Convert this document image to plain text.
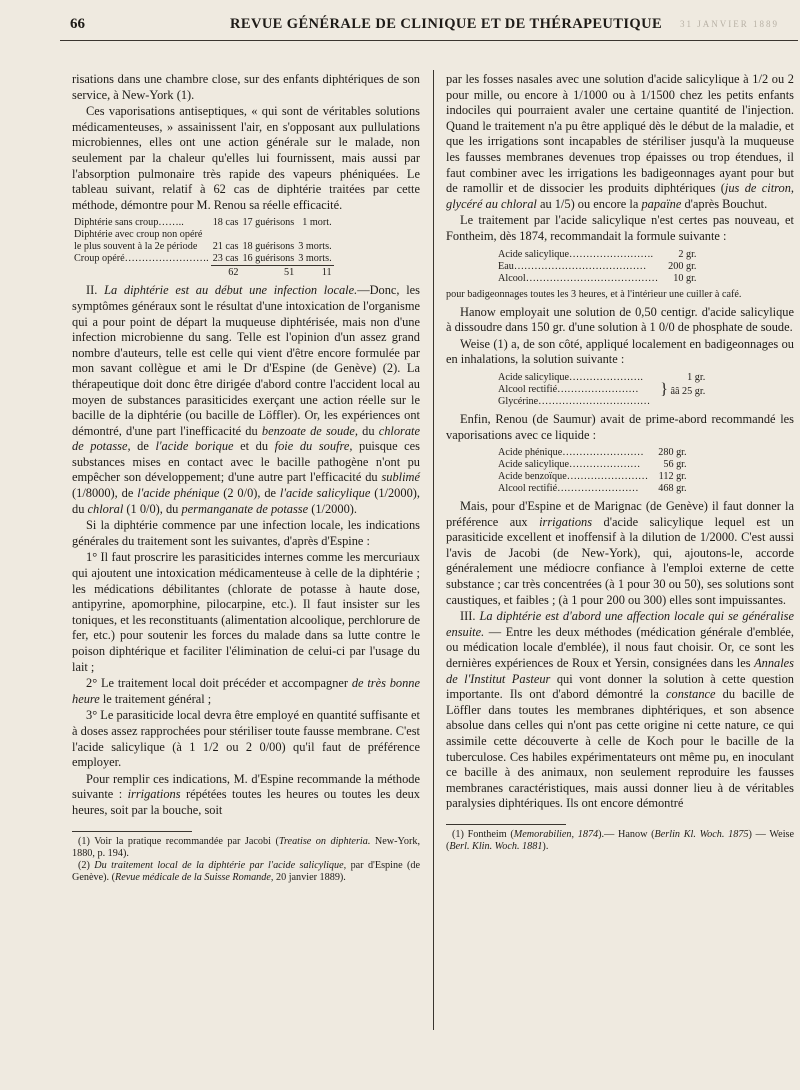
66	REVUE GÉNÉRALE DE CLINIQUE ET DE THÉRAPEUTIQUE 31 JANVIER 1889

risations dans une chambre close, sur des enfants diphtériques de son service, à New-York (1).

Ces vaporisations antiseptiques, « qui sont de véritables solutions médicamenteuses, » assainissent l'air, en s'opposant aux pullulations microbiennes, elles ont une action générale sur le malade, non seulement par la chaleur qu'elles lui fournissent, mais aussi par l'absorption pulmonaire très rapide des vapeurs phéniquées. Le tableau suivant, relatif à 62 cas de diphtérie traitées par cette méthode, démontre pour M. Renou sa réelle efficacité.

Diphtérie sans croup……..	18 cas	17 guérisons	1 mort.
Diphtérie avec croup non opéré			
le plus souvent à la 2e période	21 cas	18 guérisons	3 morts.
Croup opéré…………………….	23 cas	16 guérisons	3 morts.
	62	51	11

II. La diphtérie est au début une infection locale.—Donc, les symptômes généraux sont le résultat d'une intoxication de l'organisme qui a pour point de départ la muqueuse diphtérisée, mais non d'une infection microbienne du sang. Telle est l'opinion d'un assez grand nombre d'auteurs, telle est celle qui vient d'être encore formulée par mon savant collègue et ami le Dr d'Espine (de Genève) (2). La thérapeutique doit donc être dirigée d'abord contre l'accident local au moyen de substances parasiticides exerçant une action réelle sur le bacille de la diphtérie (ou bacille de Löffler). Or, les expériences ont démontré, d'une part l'inefficacité du benzoate de soude, du chlorate de potasse, de l'acide borique et du foie du soufre, puisque ces substances mises en contact avec le bacille pathogène n'ont pu empêcher son développement; d'une autre part l'efficacité du sublimé (1/8000), de l'acide phénique (2 0/0), de l'acide salicylique (1/2000), du chloral (1 0/0), du permanganate de potasse (1/2000).

Si la diphtérie commence par une infection locale, les indications générales du traitement sont les suivantes, d'après d'Espine :

1° Il faut proscrire les parasiticides internes comme les mercuriaux qui ajoutent une intoxication médicamenteuse à celle de la diphtérie ; les médications débilitantes (chlorate de potasse à haute dose, antipyrine, apomorphine, pilocarpine, etc.). Il faut insister sur les toniques, et les reconstituants (alimentation alcoolique, perchlorure de fer, etc.) pour soutenir les forces du malade dans sa lutte contre le poison diphtérique et faciliter l'élimination de celui-ci par l'usage du lait ;

2° Le traitement local doit précéder et accompagner de très bonne heure le traitement général ;

3° Le parasiticide local devra être employé en quantité suffisante et à doses assez rapprochées pour stériliser toute fausse membrane. C'est l'acide salicylique (à 1 1/2 ou 2 0/00) qu'il faut de préférence employer.

Pour remplir ces indications, M. d'Espine recommande la méthode suivante : irrigations répétées toutes les heures ou toutes les deux heures, soit par la bouche, soit

(1) Voir la pratique recommandée par Jacobi (Treatise on diphteria. New-York, 1880, p. 194).

(2) Du traitement local de la diphtérie par l'acide salicylique, par d'Espine (de Genève). (Revue médicale de la Suisse Romande, 20 janvier 1889).

par les fosses nasales avec une solution d'acide salicylique à 1/2 ou 2 pour mille, ou encore à 1/1000 ou à 1/1500 chez les petits enfants indociles qui pourraient avaler une certaine quantité de l'injection. Quand le traitement n'a pu être appliqué dès le début de la maladie, et que les irrigations sont incapables de stériliser jusqu'à la muqueuse les fausses membranes devenues trop épaisses ou trop étendues, il faut combiner avec les irrigations les badigeonnages ayant pour but de ramollir et de dissocier les produits diphtériques (jus de citron, glycéré au chloral au 1/5) ou encore la papaïne d'après Bouchut.

Le traitement par l'acide salicylique n'est certes pas nouveau, et Fontheim, dès 1874, recommandait la formule suivante :

Acide salicylique…………………….	2 gr.
Eau…………………………………	200 gr.
Alcool…………………………………	10 gr.

pour badigeonnages toutes les 3 heures, et à l'intérieur une cuiller à café.

Hanow employait une solution de 0,50 centigr. d'acide salicylique à dissoudre dans 150 gr. d'une solution à 1 0/0 de phosphate de soude.

Weise (1) a, de son côté, appliqué localement en badigeonnages ou en inhalations, la solution suivante :

Acide salicylique………………….	1 gr.
Alcool rectifié……………………	} ââ 25 gr.
Glycérine……………………………	

Enfin, Renou (de Saumur) avait de prime-abord recommandé les vaporisations avec ce liquide :

Acide phénique……………………	280 gr.
Acide salicylique…………………	56 gr.
Acide benzoïque……………………	112 gr.
Alcool rectifié……………………	468 gr.

Mais, pour d'Espine et de Marignac (de Genève) il faut donner la préférence aux irrigations d'acide salicylique lequel est un parasiticide excellent et inoffensif à la dilution de 1/2000. C'est aussi l'avis de Jacobi (de New-York), qui, ajoutons-le, accorde généralement une médiocre confiance à l'emploi externe de cette substance ; car très concentrées (à 1 pour 30 ou 50), ses solutions sont caustiques, et faibles ; (à 1 pour 200 ou 300) elles sont impuissantes.

III. La diphtérie est d'abord une affection locale qui se généralise ensuite. — Entre les deux méthodes (médication générale d'emblée, ou médication locale d'emblée), il nous faut choisir. Or, ce sont les dernières expériences de Roux et Yersin, consignées dans les Annales de l'Institut Pasteur qui vont donner la solution à cette question importante. Ils ont d'abord démontré la constance du bacille de Löffler dans toutes les membranes diphtériques, et son absence absolue dans celles qui n'ont pas cette origine ni cette nature, ce qui assimile cette découverte à celle de Koch pour le bacille de la tuberculose. Ces habiles expérimentateurs ont même pu, en inoculant ce bacille à des animaux, non seulement reproduire les fausses membranes caractéristiques, mais aussi donner lieu à de véritables paralysies diphtériques. Ils ont encore démontré

(1) Fontheim (Memorabilien, 1874).— Hanow (Berlin Kl. Woch. 1875) — Weise (Berl. Klin. Woch. 1881).
